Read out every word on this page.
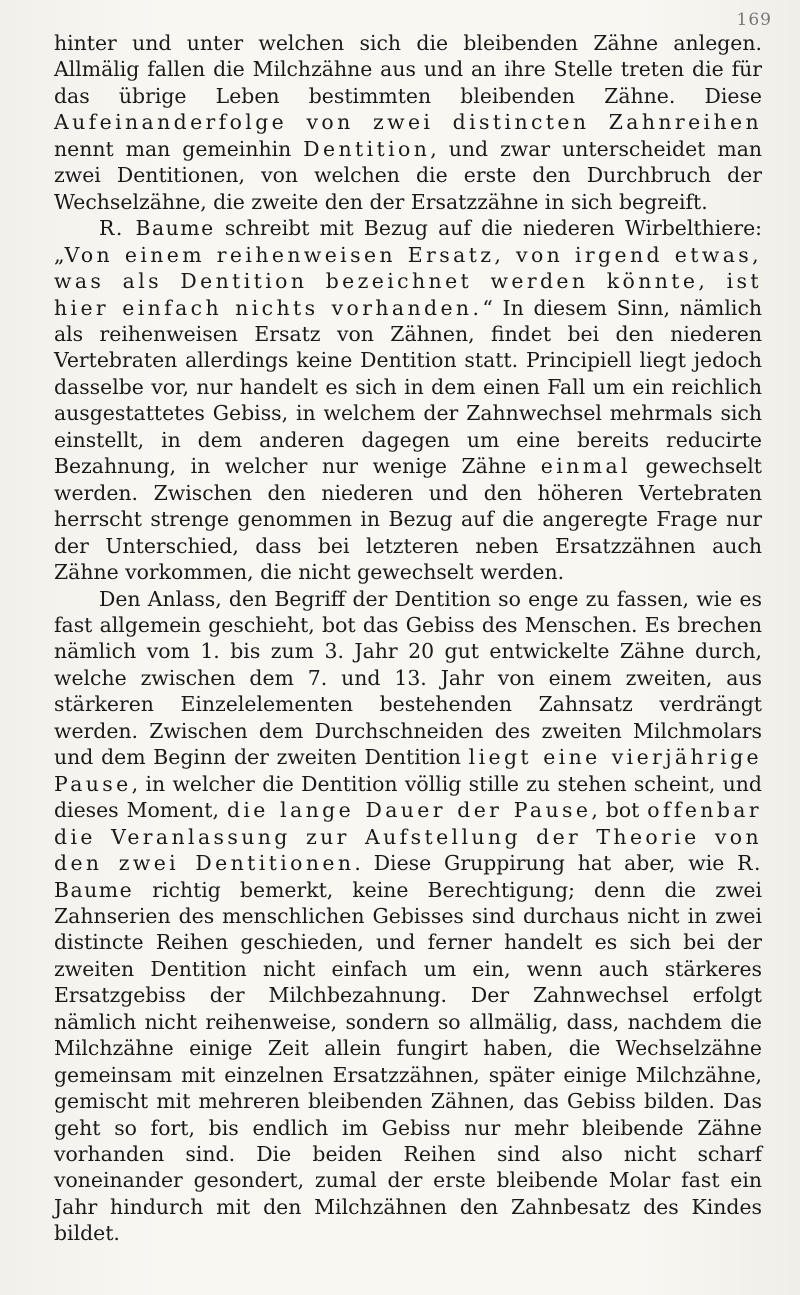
169

hinter und unter welchen sich die bleibenden Zähne anlegen. Allmälig fallen die Milchzähne aus und an ihre Stelle treten die für das übrige Leben bestimmten bleibenden Zähne. Diese Aufeinanderfolge von zwei distincten Zahnreihen nennt man gemeinhin Dentition, und zwar unterscheidet man zwei Dentitionen, von welchen die erste den Durchbruch der Wechselzähne, die zweite den der Ersatzzähne in sich begreift.

R. Baume schreibt mit Bezug auf die niederen Wirbelthiere: „Von einem reihenweisen Ersatz, von irgend etwas, was als Dentition bezeichnet werden könnte, ist hier einfach nichts vorhanden.“ In diesem Sinn, nämlich als reihenweisen Ersatz von Zähnen, findet bei den niederen Vertebraten allerdings keine Dentition statt. Principiell liegt jedoch dasselbe vor, nur handelt es sich in dem einen Fall um ein reichlich ausgestattetes Gebiss, in welchem der Zahnwechsel mehrmals sich einstellt, in dem anderen dagegen um eine bereits reducirte Bezahnung, in welcher nur wenige Zähne einmal gewechselt werden. Zwischen den niederen und den höheren Vertebraten herrscht strenge genommen in Bezug auf die angeregte Frage nur der Unterschied, dass bei letzteren neben Ersatzzähnen auch Zähne vorkommen, die nicht gewechselt werden.

Den Anlass, den Begriff der Dentition so enge zu fassen, wie es fast allgemein geschieht, bot das Gebiss des Menschen. Es brechen nämlich vom 1. bis zum 3. Jahr 20 gut entwickelte Zähne durch, welche zwischen dem 7. und 13. Jahr von einem zweiten, aus stärkeren Einzelelementen bestehenden Zahnsatz verdrängt werden. Zwischen dem Durchschneiden des zweiten Milchmolars und dem Beginn der zweiten Dentition liegt eine vierjährige Pause, in welcher die Dentition völlig stille zu stehen scheint, und dieses Moment, die lange Dauer der Pause, bot offenbar die Veranlassung zur Aufstellung der Theorie von den zwei Dentitionen. Diese Gruppirung hat aber, wie R. Baume richtig bemerkt, keine Berechtigung; denn die zwei Zahnserien des menschlichen Gebisses sind durchaus nicht in zwei distincte Reihen geschieden, und ferner handelt es sich bei der zweiten Dentition nicht einfach um ein, wenn auch stärkeres Ersatzgebiss der Milchbezahnung. Der Zahnwechsel erfolgt nämlich nicht reihenweise, sondern so allmälig, dass, nachdem die Milchzähne einige Zeit allein fungirt haben, die Wechselzähne gemeinsam mit einzelnen Ersatzzähnen, später einige Milchzähne, gemischt mit mehreren bleibenden Zähnen, das Gebiss bilden. Das geht so fort, bis endlich im Gebiss nur mehr bleibende Zähne vorhanden sind. Die beiden Reihen sind also nicht scharf voneinander gesondert, zumal der erste bleibende Molar fast ein Jahr hindurch mit den Milchzähnen den Zahnbesatz des Kindes bildet.
